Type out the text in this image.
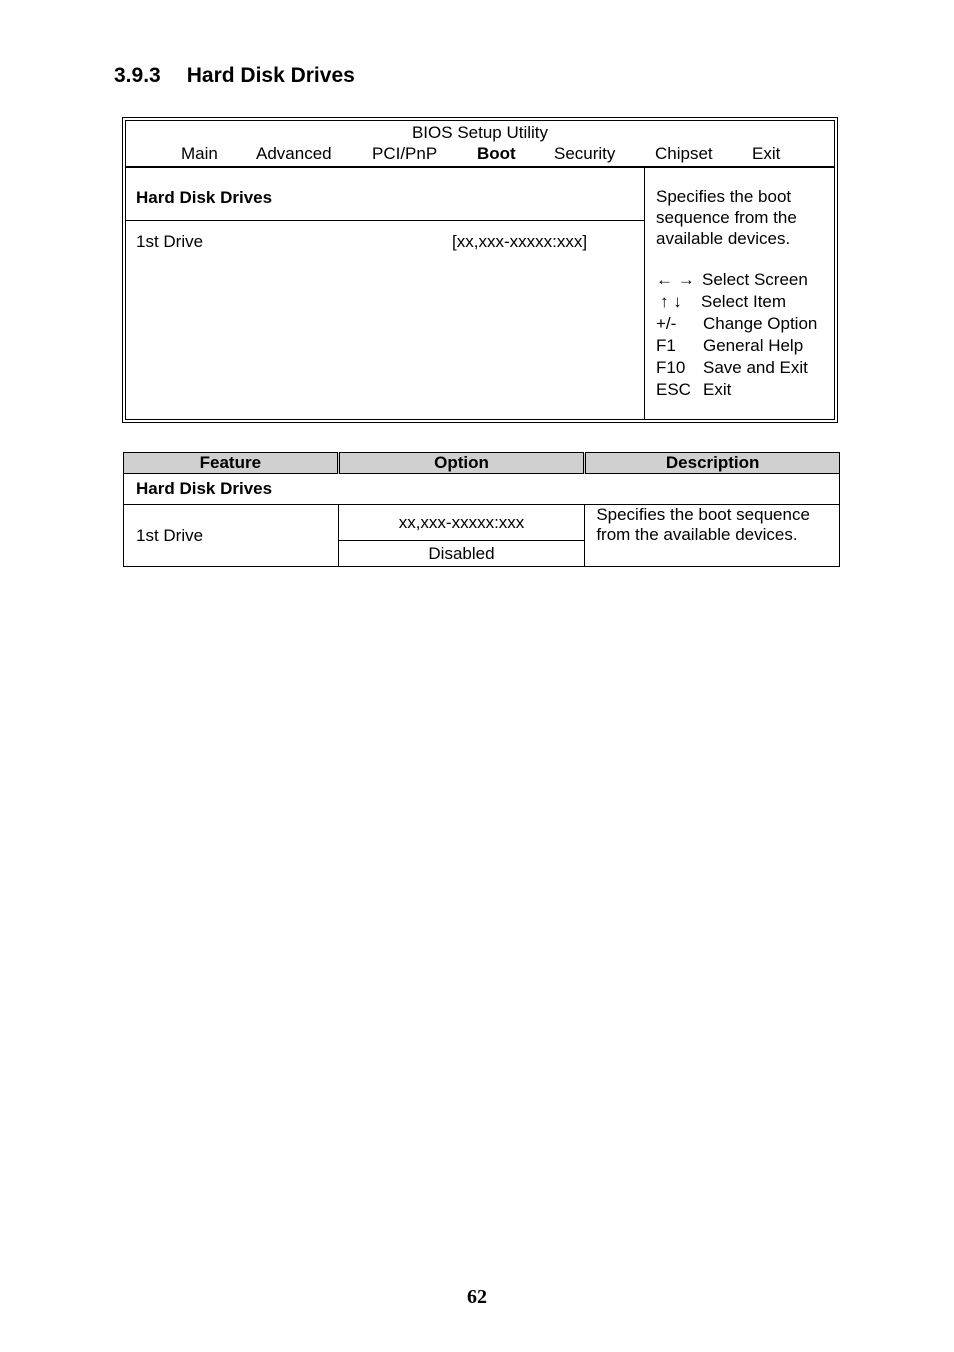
3.9.3 Hard Disk Drives
BIOS Setup Utility
Main Advanced PCI/PnP Boot Security Chipset Exit
Hard Disk Drives
1st Drive	[xx,xxx-xxxxx:xxx]
Specifies the boot sequence from the available devices.
← → Select Screen
↑ ↓	Select Item
+/-	Change Option
F1	General Help
F10	Save and Exit
ESC Exit
Feature	Option	Description
Hard Disk Drives		
1st Drive	xx,xxx-xxxxx:xxx	Specifies the boot sequence from the available devices.
	Disabled	
62
